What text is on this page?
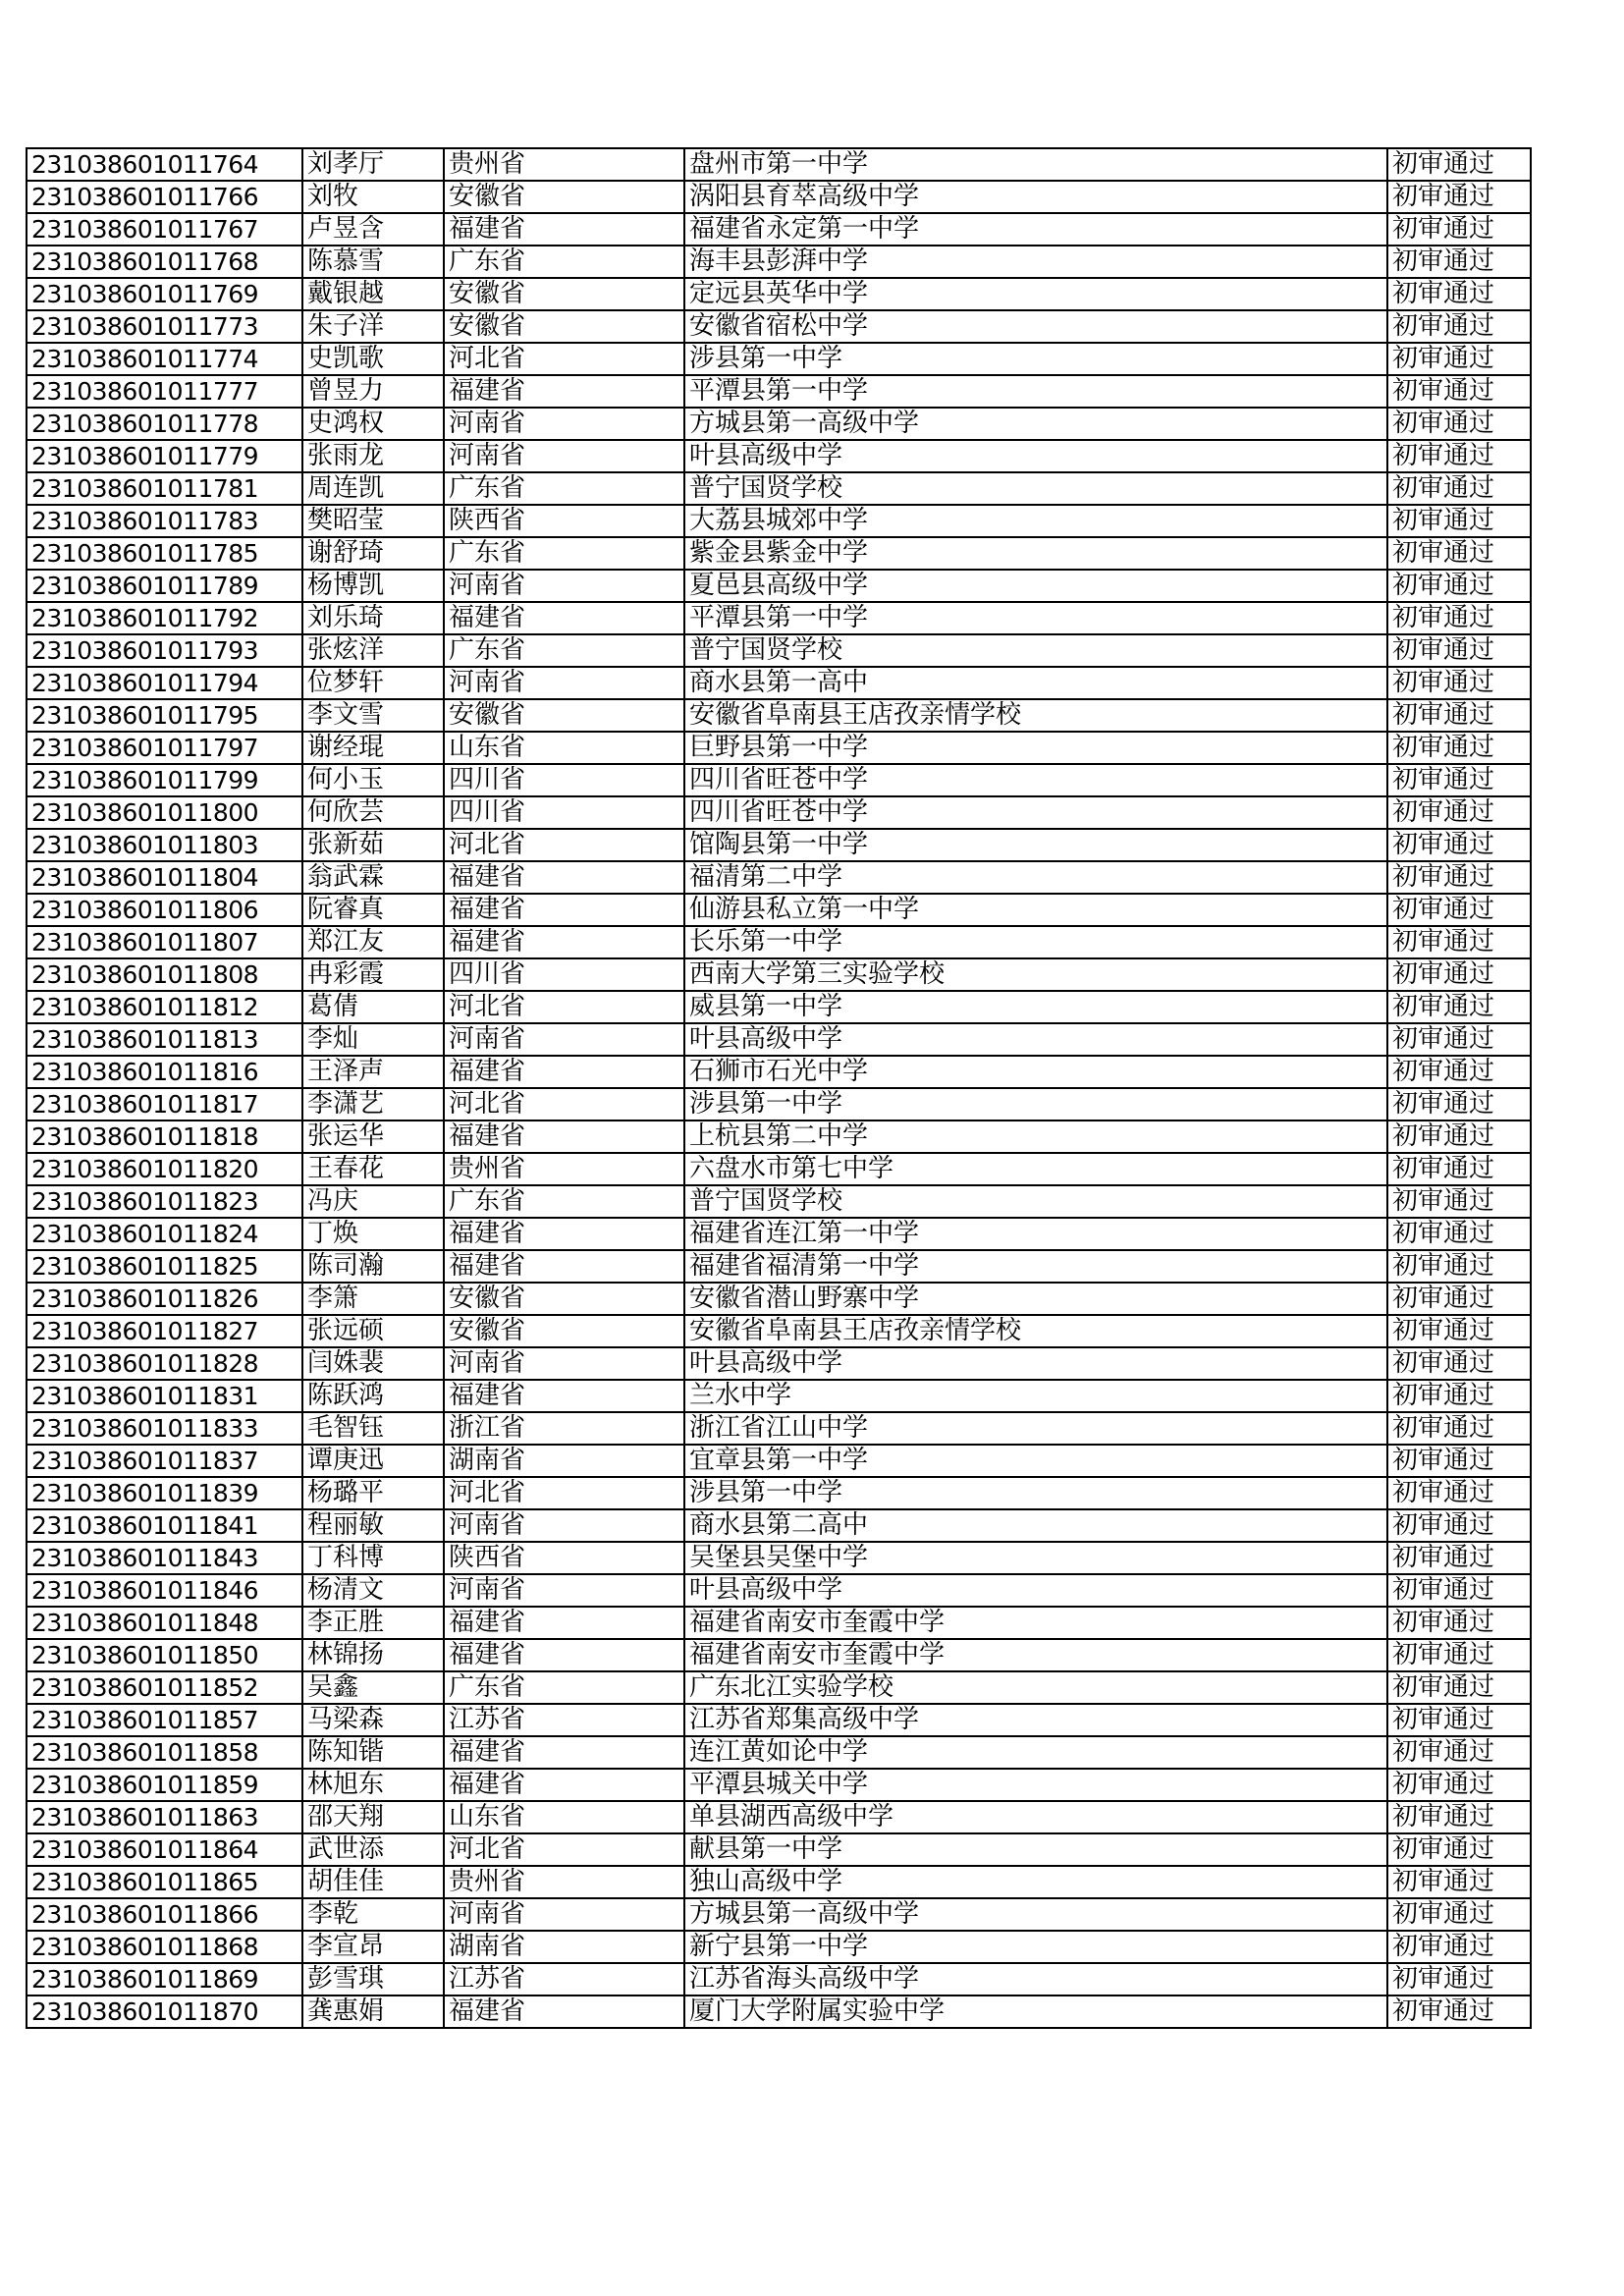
231038601011764	刘孝厅	贵州省	盘州市第一中学	初审通过
231038601011766	刘牧	安徽省	涡阳县育萃高级中学	初审通过
231038601011767	卢昱含	福建省	福建省永定第一中学	初审通过
231038601011768	陈慕雪	广东省	海丰县彭湃中学	初审通过
231038601011769	戴银越	安徽省	定远县英华中学	初审通过
231038601011773	朱子洋	安徽省	安徽省宿松中学	初审通过
231038601011774	史凯歌	河北省	涉县第一中学	初审通过
231038601011777	曾昱力	福建省	平潭县第一中学	初审通过
231038601011778	史鸿权	河南省	方城县第一高级中学	初审通过
231038601011779	张雨龙	河南省	叶县高级中学	初审通过
231038601011781	周连凯	广东省	普宁国贤学校	初审通过
231038601011783	樊昭莹	陕西省	大荔县城郊中学	初审通过
231038601011785	谢舒琦	广东省	紫金县紫金中学	初审通过
231038601011789	杨博凯	河南省	夏邑县高级中学	初审通过
231038601011792	刘乐琦	福建省	平潭县第一中学	初审通过
231038601011793	张炫洋	广东省	普宁国贤学校	初审通过
231038601011794	位梦轩	河南省	商水县第一高中	初审通过
231038601011795	李文雪	安徽省	安徽省阜南县王店孜亲情学校	初审通过
231038601011797	谢经琨	山东省	巨野县第一中学	初审通过
231038601011799	何小玉	四川省	四川省旺苍中学	初审通过
231038601011800	何欣芸	四川省	四川省旺苍中学	初审通过
231038601011803	张新茹	河北省	馆陶县第一中学	初审通过
231038601011804	翁武霖	福建省	福清第二中学	初审通过
231038601011806	阮睿真	福建省	仙游县私立第一中学	初审通过
231038601011807	郑江友	福建省	长乐第一中学	初审通过
231038601011808	冉彩霞	四川省	西南大学第三实验学校	初审通过
231038601011812	葛倩	河北省	威县第一中学	初审通过
231038601011813	李灿	河南省	叶县高级中学	初审通过
231038601011816	王泽声	福建省	石狮市石光中学	初审通过
231038601011817	李潇艺	河北省	涉县第一中学	初审通过
231038601011818	张运华	福建省	上杭县第二中学	初审通过
231038601011820	王春花	贵州省	六盘水市第七中学	初审通过
231038601011823	冯庆	广东省	普宁国贤学校	初审通过
231038601011824	丁焕	福建省	福建省连江第一中学	初审通过
231038601011825	陈司瀚	福建省	福建省福清第一中学	初审通过
231038601011826	李箫	安徽省	安徽省潜山野寨中学	初审通过
231038601011827	张远硕	安徽省	安徽省阜南县王店孜亲情学校	初审通过
231038601011828	闫姝裴	河南省	叶县高级中学	初审通过
231038601011831	陈跃鸿	福建省	兰水中学	初审通过
231038601011833	毛智钰	浙江省	浙江省江山中学	初审通过
231038601011837	谭庚迅	湖南省	宜章县第一中学	初审通过
231038601011839	杨璐平	河北省	涉县第一中学	初审通过
231038601011841	程丽敏	河南省	商水县第二高中	初审通过
231038601011843	丁科博	陕西省	吴堡县吴堡中学	初审通过
231038601011846	杨清文	河南省	叶县高级中学	初审通过
231038601011848	李正胜	福建省	福建省南安市奎霞中学	初审通过
231038601011850	林锦扬	福建省	福建省南安市奎霞中学	初审通过
231038601011852	吴鑫	广东省	广东北江实验学校	初审通过
231038601011857	马梁森	江苏省	江苏省郑集高级中学	初审通过
231038601011858	陈知锴	福建省	连江黄如论中学	初审通过
231038601011859	林旭东	福建省	平潭县城关中学	初审通过
231038601011863	邵天翔	山东省	单县湖西高级中学	初审通过
231038601011864	武世添	河北省	献县第一中学	初审通过
231038601011865	胡佳佳	贵州省	独山高级中学	初审通过
231038601011866	李乾	河南省	方城县第一高级中学	初审通过
231038601011868	李宣昂	湖南省	新宁县第一中学	初审通过
231038601011869	彭雪琪	江苏省	江苏省海头高级中学	初审通过
231038601011870	龚惠娟	福建省	厦门大学附属实验中学	初审通过
